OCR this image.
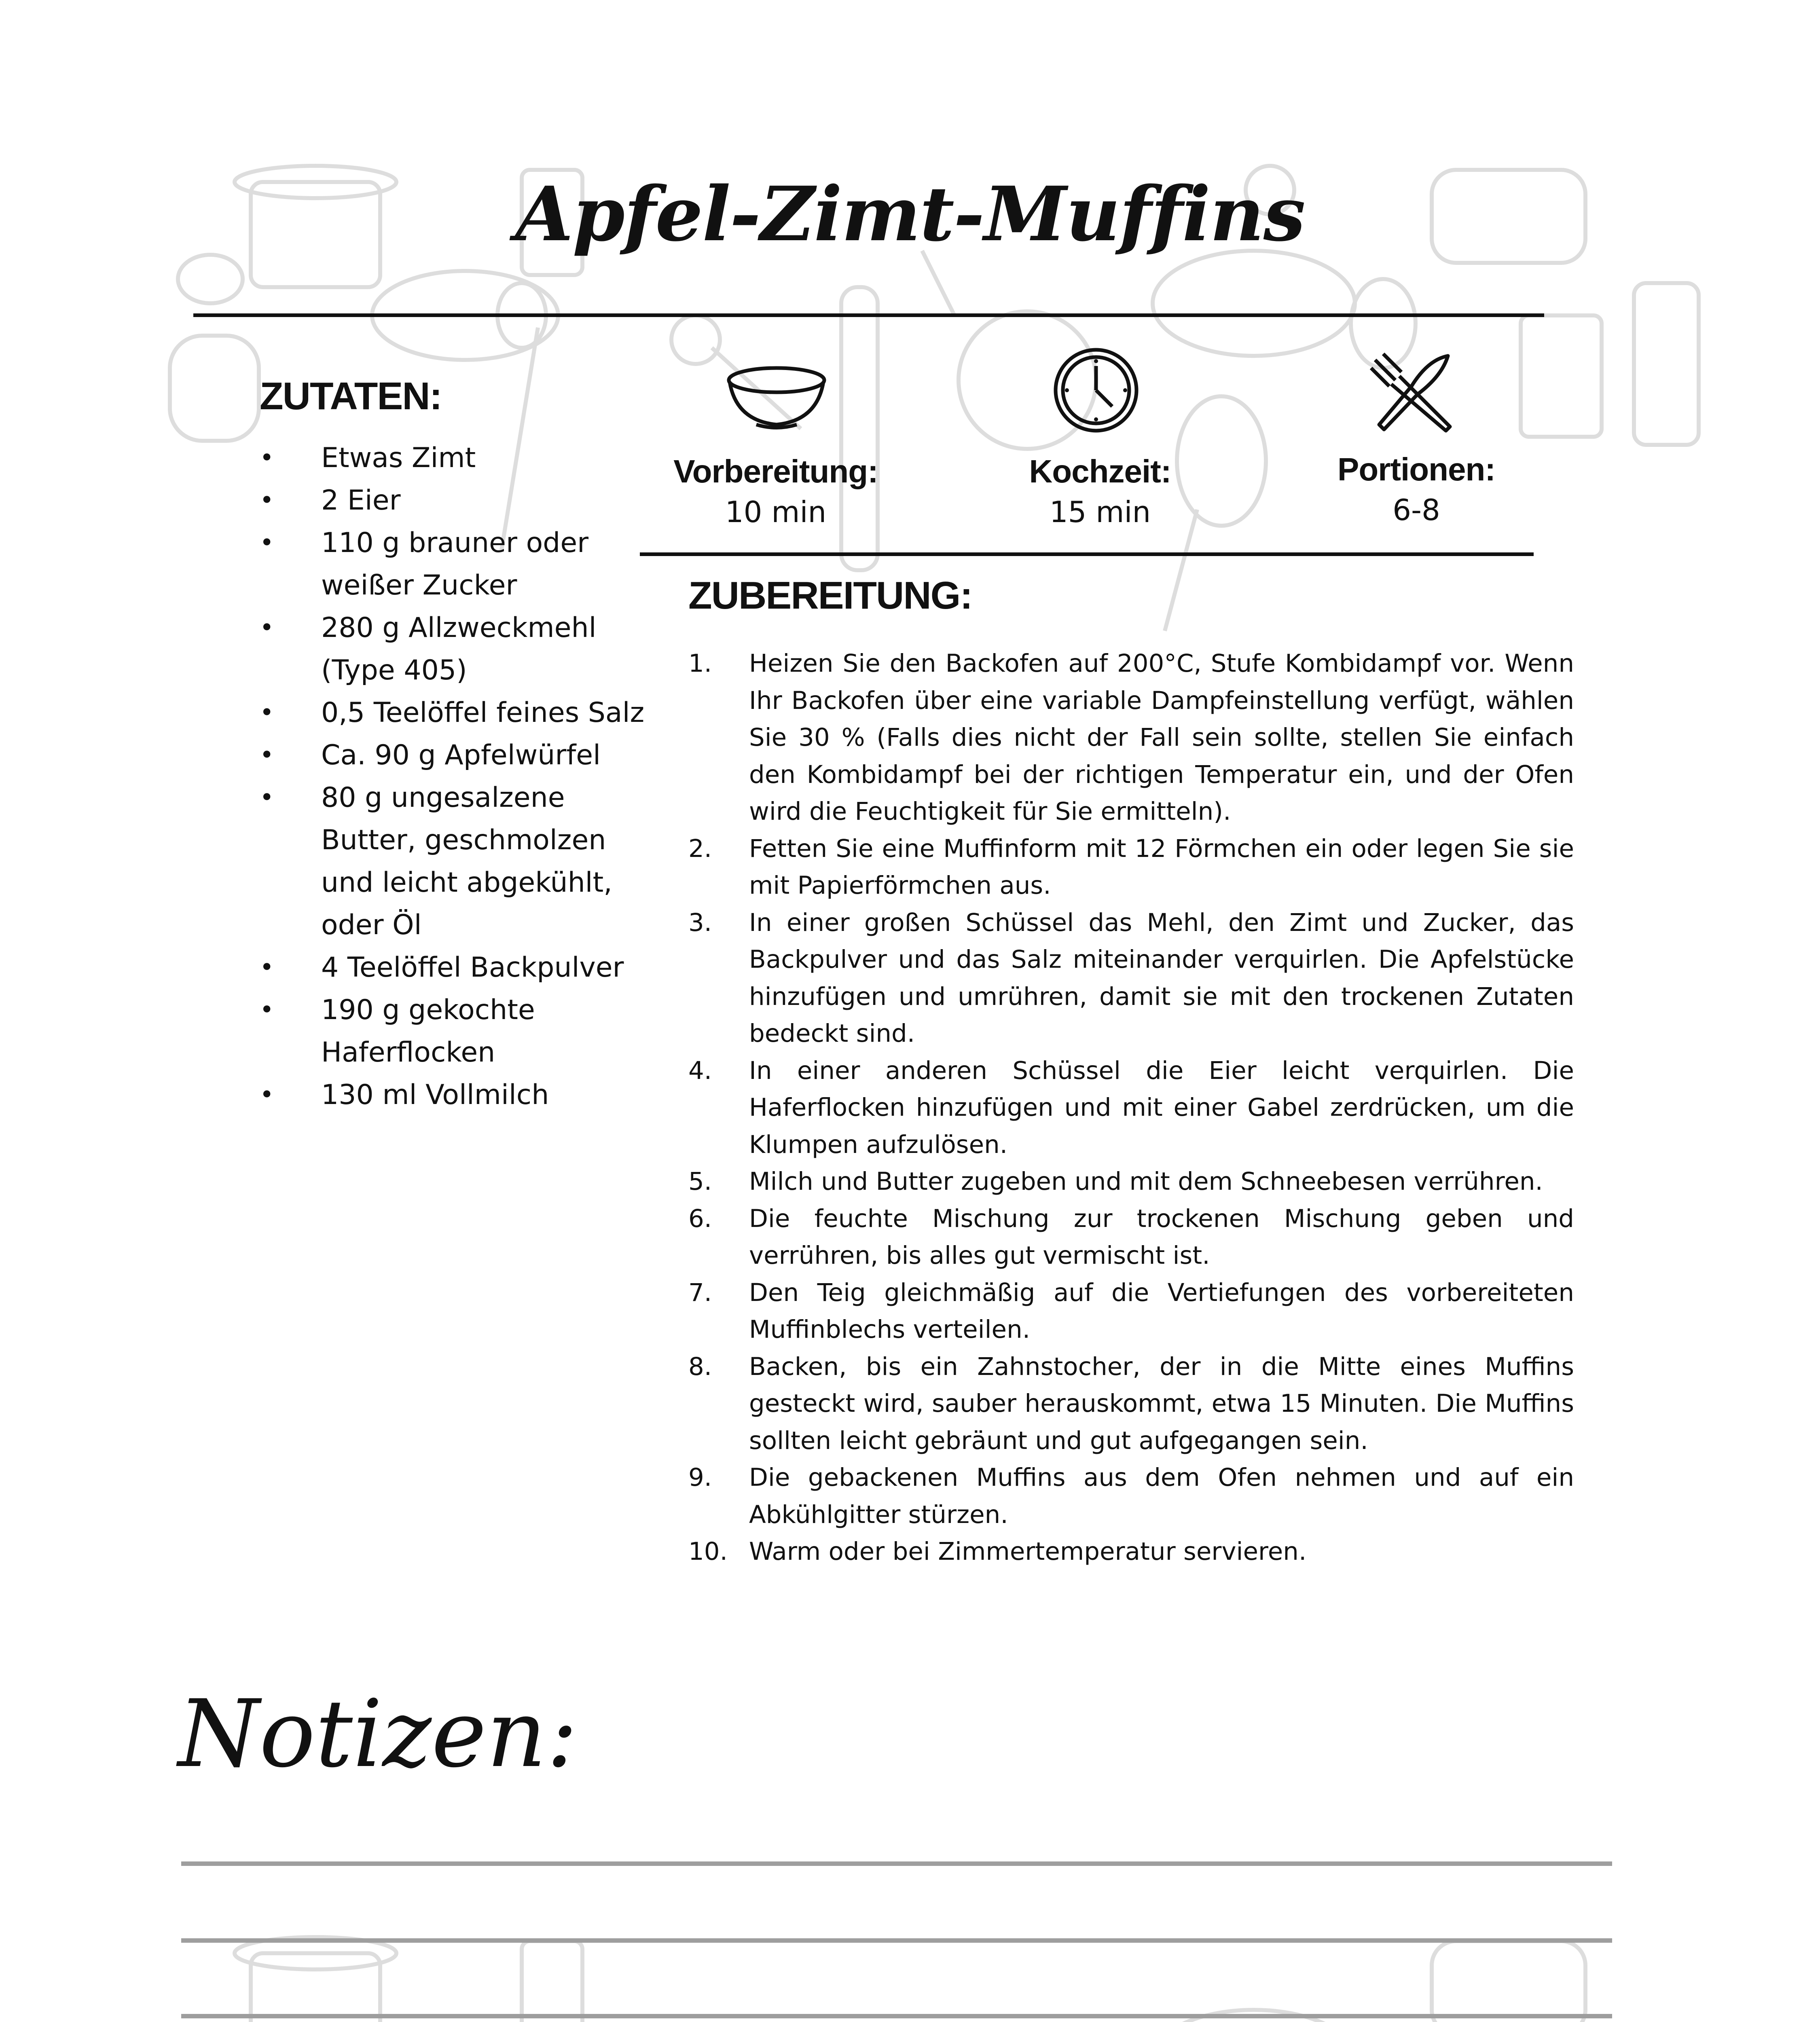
Apfel-Zimt-Muffins
ZUTATEN:
• Etwas Zimt
• 2 Eier
• 110 g brauner oder
weißer Zucker
• 280 g Allzweckmehl
(Type 405)
• 0,5 Teelöffel feines Salz
• Ca. 90 g Apfelwürfel
• 80 g ungesalzene
Butter, geschmolzen
und leicht abgekühlt,
oder Öl
• 4 Teelöffel Backpulver
• 190 g gekochte
Haferflocken
• 130 ml Vollmilch
Vorbereitung:
10 min
Kochzeit:
15 min
Portionen:
6-8
ZUBEREITUNG:
1. Heizen Sie den Backofen auf 200°C, Stufe Kombidampf vor. Wenn Ihr Backofen über eine variable Dampfeinstellung verfügt, wählen Sie 30 % (Falls dies nicht der Fall sein sollte, stellen Sie einfach den Kombidampf bei der richtigen Temperatur ein, und der Ofen wird die Feuchtigkeit für Sie ermitteln).
2. Fetten Sie eine Muffinform mit 12 Förmchen ein oder legen Sie sie mit Papierförmchen aus.
3. In einer großen Schüssel das Mehl, den Zimt und Zucker, das Backpulver und das Salz miteinander verquirlen. Die Apfelstücke hinzufügen und umrühren, damit sie mit den trockenen Zutaten bedeckt sind.
4. In einer anderen Schüssel die Eier leicht verquirlen. Die Haferflocken hinzufügen und mit einer Gabel zerdrücken, um die Klumpen aufzulösen.
5. Milch und Butter zugeben und mit dem Schneebesen verrühren.
6. Die feuchte Mischung zur trockenen Mischung geben und verrühren, bis alles gut vermischt ist.
7. Den Teig gleichmäßig auf die Vertiefungen des vorbereiteten Muffinblechs verteilen.
8. Backen, bis ein Zahnstocher, der in die Mitte eines Muffins gesteckt wird, sauber herauskommt, etwa 15 Minuten. Die Muffins sollten leicht gebräunt und gut aufgegangen sein.
9. Die gebackenen Muffins aus dem Ofen nehmen und auf ein Abkühlgitter stürzen.
10. Warm oder bei Zimmertemperatur servieren.
Notizen:
